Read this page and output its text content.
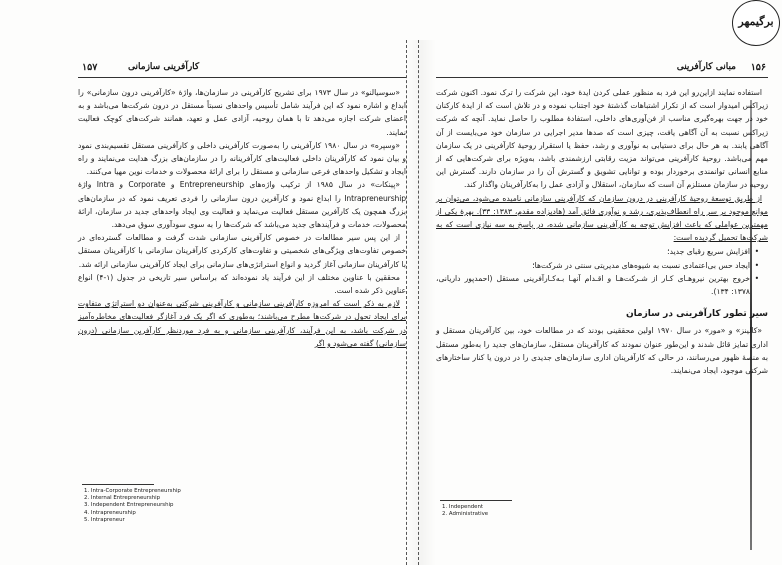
۱۵۷	کارآفرینی سازمانی

«سوسیالنو» در سال ۱۹۷۳ برای تشریح کارآفرینی در سازمان‌ها، واژهٔ «کارآفرینی درون سازمانی» را ابداع و اشاره نمود که این فرآیند شامل تأسیس واحدهای نسبتاً مستقل در درون شرکت‌ها می‌باشد و به اعضای شرکت اجازه می‌دهد تا با همان روحیه، آزادی عمل و تعهد، همانند شرکت‌های کوچک فعالیت نمایند.

«وسپره» در سال ۱۹۸۰ کارآفرینی را به‌صورت کارآفرینی داخلی و کارآفرینی مستقل تقسیم‌بندی نمود و بیان نمود که کارآفرینان داخلی فعالیت‌های کارآفرینانه را در سازمان‌های بزرگ هدایت می‌نمایند و راه ایجاد و تشکیل واحدهای فرعی سازمانی و مستقل را برای ارائهٔ محصولات و خدمات نوین مهیا می‌کنند.

«پینکات» در سال ۱۹۸۵ از ترکیب واژه‌های Entrepreneurship و Corporate و Intra واژهٔ Intrapreneurship را ابداع نمود و کارآفرین درون سازمانی را فردی تعریف نمود که در سازمان‌های بزرگ همچون یک کارآفرین مستقل فعالیت می‌نماید و فعالیت وی ایجاد واحدهای جدید در سازمان، ارائهٔ محصولات، خدمات و فرآیندهای جدید می‌باشد که شرکت‌ها را به سوی سودآوری سوق می‌دهد.

از این پس سیر مطالعات در خصوص کارآفرینی سازمانی شدت گرفت و مطالعات گسترده‌ای در خصوص تفاوت‌های ویژگی‌های شخصیتی و تفاوت‌های کارکردی کارآفرینان سازمانی با کارآفرینان مستقل با کارآفرینان سازمانی آغاز گردید و انواع استراتژی‌های سازمانی برای ایجاد کارآفرینی سازمانی ارائه شد.

محققین با عناوین مختلف از این فرآیند یاد نموده‌اند که براساس سیر تاریخی در جدول (۱-۴) انواع عناوین ذکر شده است.

لازم به ذکر است که امروزه کارآفرینی سازمانی و کارآفرینی شرکتی به‌عنوان دو استراتژی متفاوت برای ایجاد تحول در شرکت‌ها مطرح می‌باشند؛ به‌طوری که اگر یک فرد آغازگر فعالیت‌های مخاطره‌آمیز در شرکت باشد، به این فرآیند، کارآفرینی سازمانی و به فرد موردنظر کارآفرین سازمانی (درون سازمانی) گفته می‌شود و اگر

1. Intra-Corporate Entrepreneurship
2. Internal Entrepreneurship
3. Independent Entrepreneurship
4. Intrapreneurship
5. Intrapreneur
۱۵۶
مبانی کارآفرینی

استفاده نمایند ازاین‌رو این فرد به منظور عملی کردن ایدهٔ خود، این شرکت را ترک نمود. اکنون شرکت زیراکس امیدوار است که از تکرار اشتباهات گذشتهٔ خود اجتناب نموده و در تلاش است که از ایدهٔ کارکنان خود در جهت بهره‌گیری مناسب از فن‌آوری‌های داخلی، استفادهٔ مطلوب را حاصل نماید. آنچه که شرکت زیراکس نسبت به آن آگاهی یافت، چیزی است که صدها مدیر اجرایی در سازمان خود می‌بایست از آن آگاهی یابند. به هر حال برای دستیابی به نوآوری و رشد، حفظ یا استقرار روحیهٔ کارآفرینی در یک سازمان مهم می‌باشد. روحیهٔ کارآفرینی می‌تواند مزیت رقابتی ارزشمندی باشد، به‌ویژه برای شرکت‌هایی که از منابع انسانی توانمندی برخوردار بوده و توانایی تشویق و گسترش آن را در سازمان دارند. گسترش این روحیه در سازمان مستلزم آن است که سازمان، استقلال و آزادی عمل را به‌کارآفرینان واگذار کند.

از طریق توسعهٔ روحیهٔ کارآفرینی در درون سازمان که کارآفرینی سازمانی نامیده می‌شود، می‌توان بر موانع موجود بر سر راه انعطاف‌پذیری، رشد و نوآوری فائق آمد (هادیزاده مقدم، ۱۳۸۳: ۳۳). بهرهٔ یکی از مهمترین عواملی که باعث افزایش توجه به کارآفرینی سازمانی شده، در پاسخ به سه نیازی است که به شرکت‌ها تحمیل گردیده است:

• افزایش سریع رقبای جدید؛
• ایجاد حس بی‌اعتمادی نسبت به شیوه‌های مدیریتی سنتی در شرکت‌ها؛
• خروج بهترین نیروهـای کـار از شـرکت‌هـا و اقـدام آنهـا بـه‌کـارآفرینی مستقل (احمدپور داریانی، ۱۳۷۸: ۱۳۴).
سیر تطور کارآفرینی در سازمان

«کالینز» و «مور» در سال ۱۹۷۰ اولین محققینی بودند که در مطالعات خود، بین کارآفرینان مستقل و اداری تمایز قائل شدند و این‌طور عنوان نمودند که کارآفرینان مستقل، سازمان‌های جدید را به‌طور مستقل به منصهٔ ظهور می‌رسانند، در حالی که کارآفرینان اداری سازمان‌های جدیدی را در درون یا کنار ساختارهای شرکتی موجود، ایجاد می‌نمایند.

1. Independent
2. Administrative
برگیمهر
